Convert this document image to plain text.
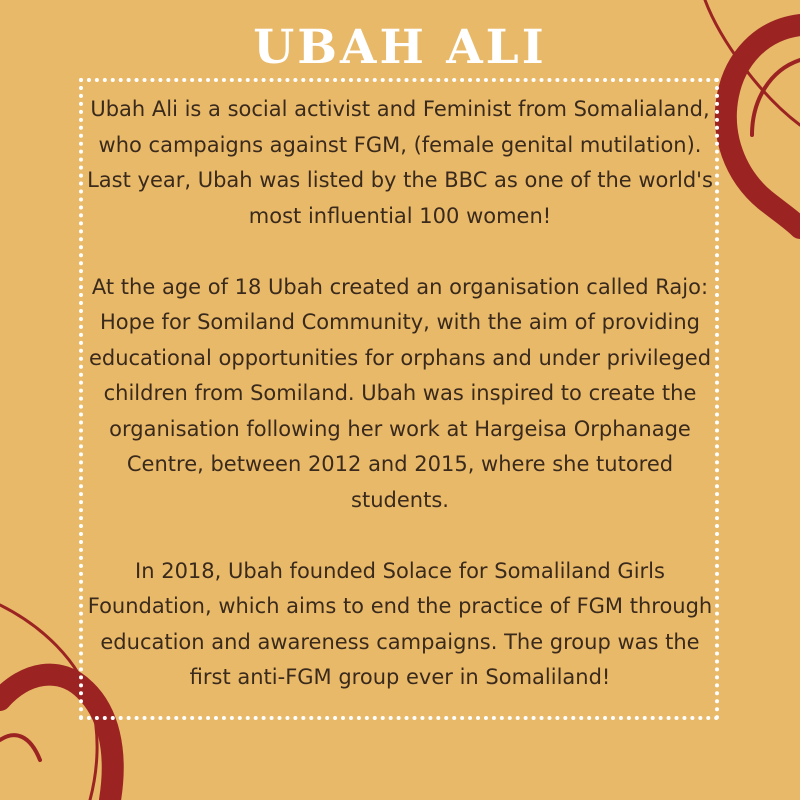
UBAH ALI

Ubah Ali is a social activist and Feminist from Somalialand, who campaigns against FGM, (female genital mutilation). Last year, Ubah was listed by the BBC as one of the world's most influential 100 women!

At the age of 18 Ubah created an organisation called Rajo: Hope for Somiland Community, with the aim of providing educational opportunities for orphans and under privileged children from Somiland. Ubah was inspired to create the organisation following her work at Hargeisa Orphanage Centre, between 2012 and 2015, where she tutored students.

In 2018, Ubah founded Solace for Somaliland Girls Foundation, which aims to end the practice of FGM through education and awareness campaigns. The group was the first anti-FGM group ever in Somaliland!
